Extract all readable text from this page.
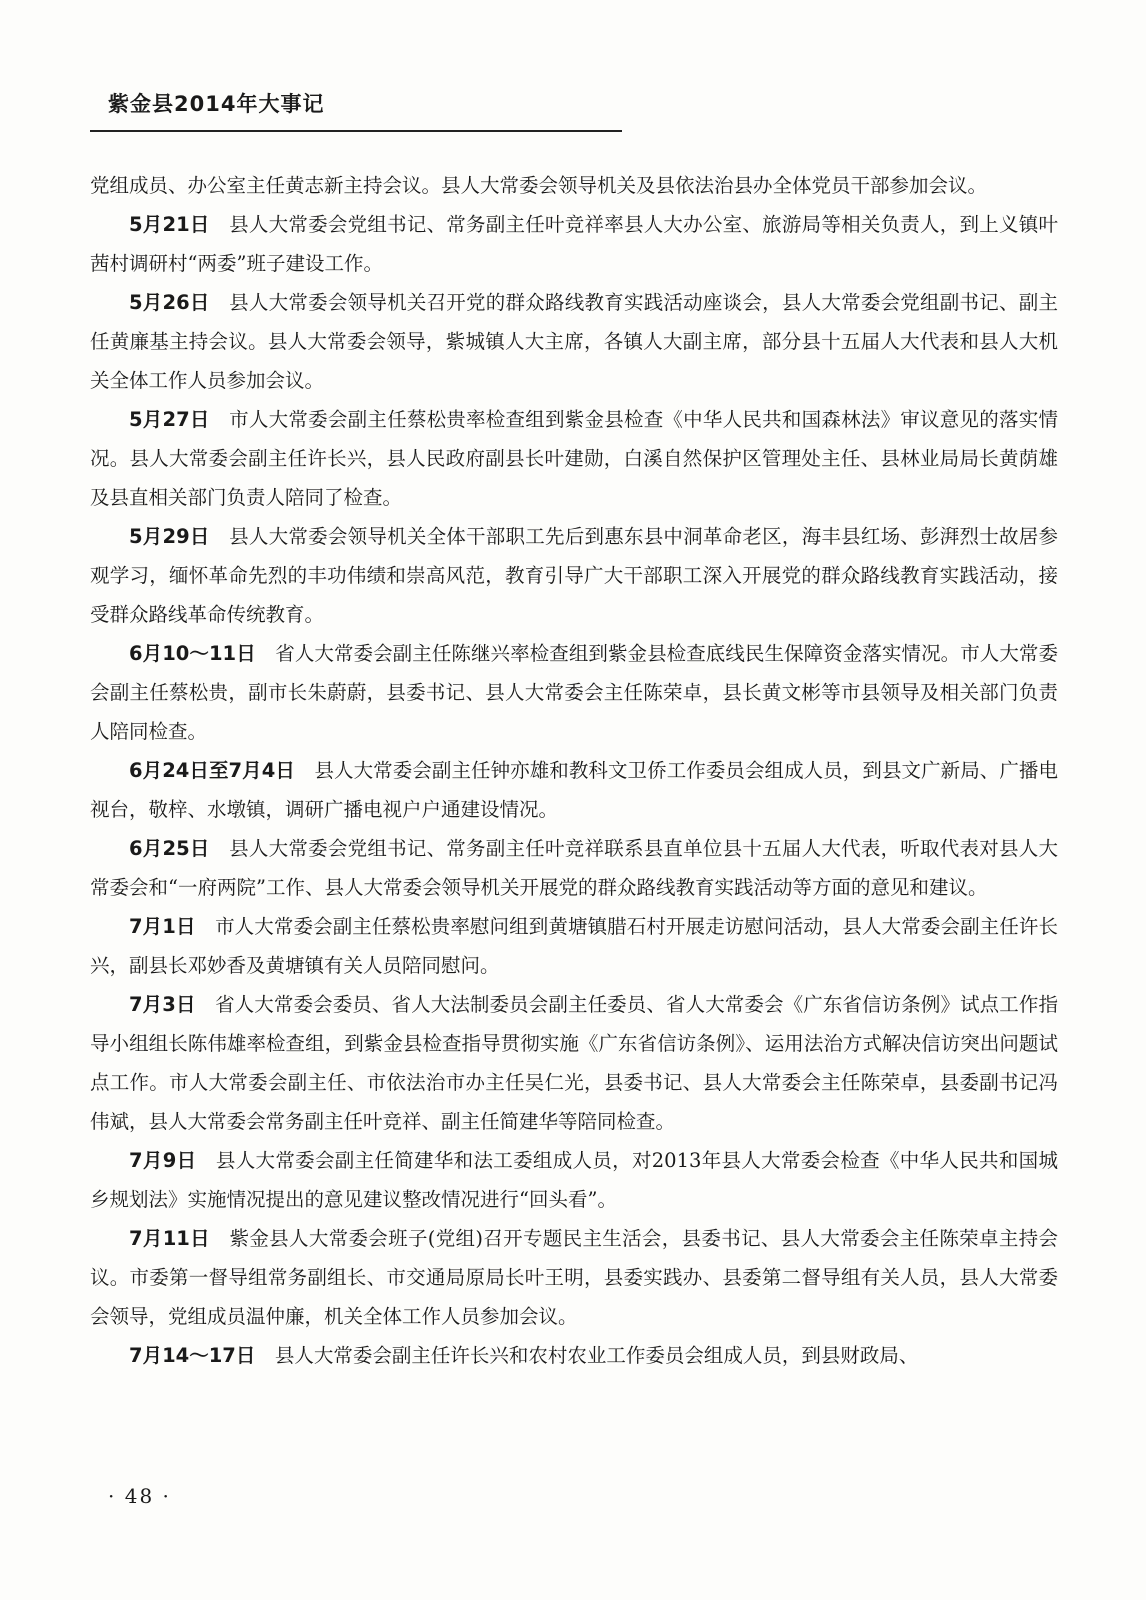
紫金县2014年大事记

党组成员、办公室主任黄志新主持会议。县人大常委会领导机关及县依法治县办全体党员干部参加会议。

5月21日 县人大常委会党组书记、常务副主任叶竞祥率县人大办公室、旅游局等相关负责人，到上义镇叶茜村调研村“两委”班子建设工作。

5月26日 县人大常委会领导机关召开党的群众路线教育实践活动座谈会，县人大常委会党组副书记、副主任黄廉基主持会议。县人大常委会领导，紫城镇人大主席，各镇人大副主席，部分县十五届人大代表和县人大机关全体工作人员参加会议。

5月27日 市人大常委会副主任蔡松贵率检查组到紫金县检查《中华人民共和国森林法》审议意见的落实情况。县人大常委会副主任许长兴，县人民政府副县长叶建勋，白溪自然保护区管理处主任、县林业局局长黄荫雄及县直相关部门负责人陪同了检查。

5月29日 县人大常委会领导机关全体干部职工先后到惠东县中洞革命老区，海丰县红场、彭湃烈士故居参观学习，缅怀革命先烈的丰功伟绩和崇高风范，教育引导广大干部职工深入开展党的群众路线教育实践活动，接受群众路线革命传统教育。

6月10～11日 省人大常委会副主任陈继兴率检查组到紫金县检查底线民生保障资金落实情况。市人大常委会副主任蔡松贵，副市长朱蔚蔚，县委书记、县人大常委会主任陈荣卓，县长黄文彬等市县领导及相关部门负责人陪同检查。

6月24日至7月4日 县人大常委会副主任钟亦雄和教科文卫侨工作委员会组成人员，到县文广新局、广播电视台，敬梓、水墩镇，调研广播电视户户通建设情况。

6月25日 县人大常委会党组书记、常务副主任叶竞祥联系县直单位县十五届人大代表，听取代表对县人大常委会和“一府两院”工作、县人大常委会领导机关开展党的群众路线教育实践活动等方面的意见和建议。

7月1日 市人大常委会副主任蔡松贵率慰问组到黄塘镇腊石村开展走访慰问活动，县人大常委会副主任许长兴，副县长邓妙香及黄塘镇有关人员陪同慰问。

7月3日 省人大常委会委员、省人大法制委员会副主任委员、省人大常委会《广东省信访条例》试点工作指导小组组长陈伟雄率检查组，到紫金县检查指导贯彻实施《广东省信访条例》、运用法治方式解决信访突出问题试点工作。市人大常委会副主任、市依法治市办主任吴仁光，县委书记、县人大常委会主任陈荣卓，县委副书记冯伟斌，县人大常委会常务副主任叶竞祥、副主任简建华等陪同检查。

7月9日 县人大常委会副主任简建华和法工委组成人员，对2013年县人大常委会检查《中华人民共和国城乡规划法》实施情况提出的意见建议整改情况进行“回头看”。

7月11日 紫金县人大常委会班子(党组)召开专题民主生活会，县委书记、县人大常委会主任陈荣卓主持会议。市委第一督导组常务副组长、市交通局原局长叶王明，县委实践办、县委第二督导组有关人员，县人大常委会领导，党组成员温仲廉，机关全体工作人员参加会议。

7月14～17日 县人大常委会副主任许长兴和农村农业工作委员会组成人员，到县财政局、

· 48 ·
